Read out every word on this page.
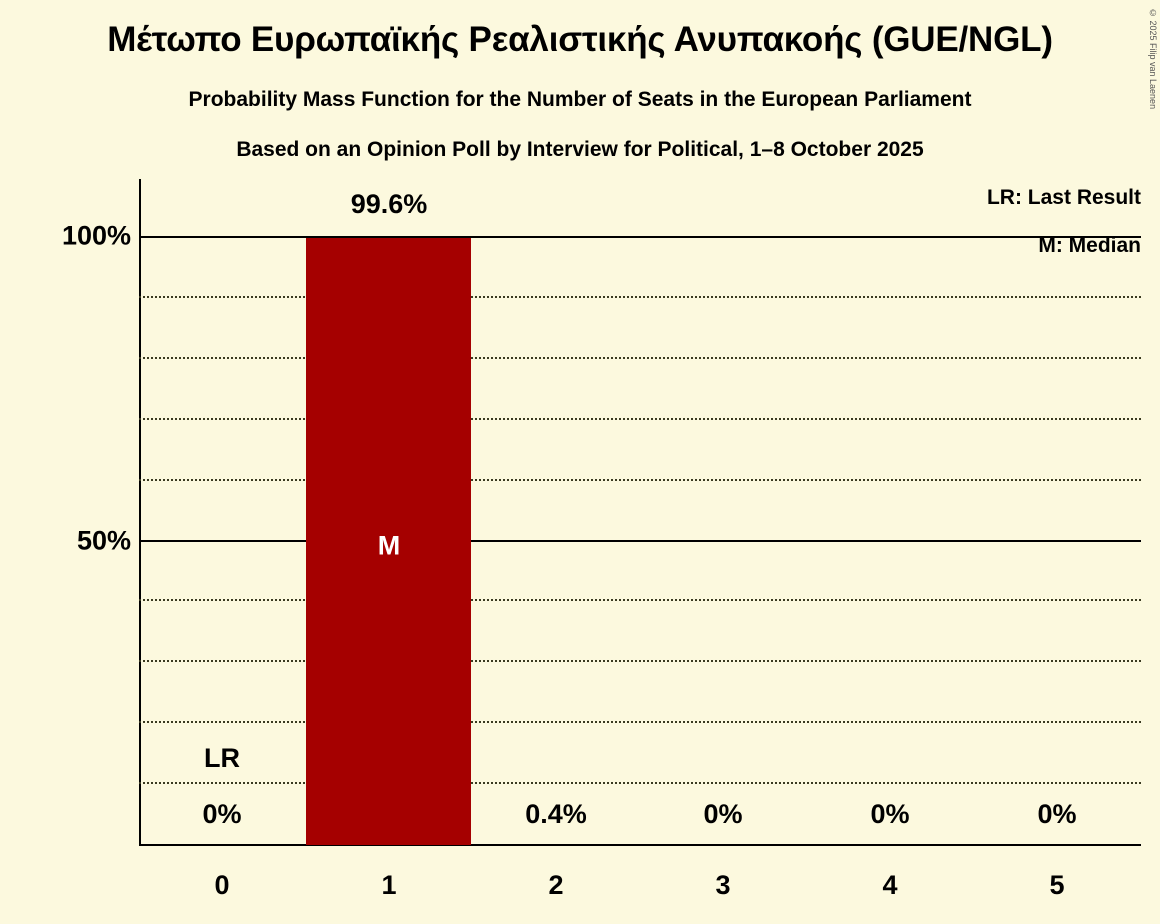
Μέτωπο Ευρωπαϊκής Ρεαλιστικής Ανυπακοής (GUE/NGL)
Probability Mass Function for the Number of Seats in the European Parliament
Based on an Opinion Poll by Interview for Political, 1–8 October 2025
© 2025 Filip van Laenen
LR: Last Result
M: Median
M
100%
50%
LR
0%
99.6%
0.4%	0%	0%	0%
0	1	2	3	4	5
